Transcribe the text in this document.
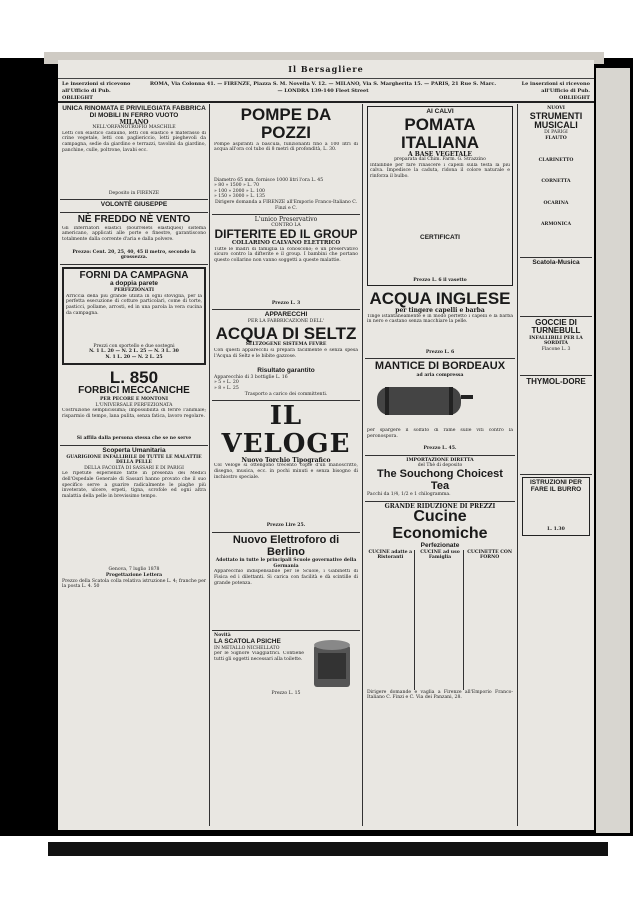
Il Bersagliere
Le inserzioni si ricevono all'Ufficio di Pub. OBLIEGHT
ROMA, Via Colonna 41. — FIRENZE, Piazza S. M. Novella V. 12. — MILANO, Via S. Margherita 15. — PARIS, 21 Rue S. Marc. — LONDRA 139-140 Fleet Street
Le inserzioni si ricevono all'Ufficio di Pub. OBLIEGHT
UNICA RINOMATA E PRIVILEGIATA FABBRICA DI MOBILI IN FERRO VUOTO
MILANO
NELL'ORFANOTROFIO MASCHILE
Letti con elastico cadauno, letti con elastico e materasso di crine vegetale, letti con pagliericcio, letti pieghevoli da campagna, sedie da giardino e terrazzi, tavolini da giardino, panchine, culle, poltrone, lavabi ecc.
Deposito in FIRENZE
VOLONTÈ GIUSEPPE
NÈ FREDDO NÈ VENTO
Gli inferriatori elastici (bourrelets élastiques) sistema americano, applicati alle porte e finestre, garantiscono totalmente dalla corrente d'aria e dalla polvere.
Prezzo: Cent. 20, 25, 40, 45 il metro, secondo la grossezza.
FORNI DA CAMPAGNA
a doppia parete
PERFEZIONATI
Arriccia della più grande utilità in ogni stoviglia, per la perfetta esecuzione di cotture particolari, come di torte, pasticci, pollame, arrosti, ed in una parola la vera cucina da campagna.
Prezzi con sportello e due sostegni
N. 1 L. 20 — N. 2 L. 25 — N. 3 L. 30
N. 1 L. 20 — N. 2 L. 25
L. 850
FORBICI MECCANICHE
PER PECORE E MONTONI
L'UNIVERSALE PERFEZIONATA
Costruzione semplicissima; impossibilità di ferire l'animale; risparmio di tempo, lana pulita, senza fatica, lavoro regolare.
Si affila dalla persona stessa che se ne serve
Scoperta Umanitaria
GUARIGIONE INFALLIBILE DI TUTTE LE MALATTIE DELLA PELLE
DELLA FACOLTÀ DI SASSARI E DI PARIGI
Le ripetute esperienze fatte in presenza dei Medici dell'Ospedale Generale di Sassari hanno provato che il suo specifico serve a guarire radicalmente le piaghe più inveterate, ulcere, erpeti, tigna, scrofole ed ogni altra malattia della pelle in brevissimo tempo.
Genova, 7 luglio 1878
Progettazione Lettera
Prezzo della Scatola colla relativa istruzione L. 4; franche per la posta L. 4. 50
POMPE DA POZZI
Pompe aspiranti a bascula, funzionanti fino a 100 litri di acqua all'ora col tubo di 8 metri di profondità, L. 30.
Diametro 65 mm. fornisce 1000 litri l'ora L. 45
» 80 » 1500 » L. 70
» 100 » 2000 » L. 100
» 150 » 3000 » L. 135
Dirigere domanda a FIRENZE all'Emporio Franco-Italiano C. Finzi e C.
L'unico Preservativo
CONTRO LA
DIFTERITE ED IL GROUP
COLLARINO CALVANO ELETTRICO
Tutte le madri di famiglia la conoscono; è un preservativo sicuro contro la difterite e il group. I bambini che portano questo collarino non vanno soggetti a queste malattie.
Prezzo L. 3
APPARECCHI
PER LA FABBRICAZIONE DELL'
ACQUA DI SELTZ
SELTZOGENE SISTEMA FEVRE
Con questi apparecchi si prepara facilmente e senza spesa l'Acqua di Seltz e le bibite gazzose.
Risultato garantito
Apparecchio di 3 bottiglie L. 16
» 5 » L. 20
» 8 » L. 25
Trasporto a carico dei committenti.
IL VELOGE
Nuovo Torchio Tipografico
Col Veloge si ottengono trecento copie d'un manoscritto, disegno, musica, ecc. in pochi minuti e senza bisogno di inchiostro speciale.
Prezzo Lire 25.
Nuovo Elettroforo di Berlino
Adottato in tutte le principali Scuole governative della Germania
Apparecchio indispensabile per le Scuole, i Gabinetti di Fisica ed i dilettanti. Si carica con facilità e dà scintille di grande potenza.
Novità
LA SCATOLA PSICHE
IN METALLO NICHELLATO
per le Signore Viaggiatrici. Contiene tutti gli oggetti necessari alla toilette.
Prezzo L. 15
AI CALVI
POMATA ITALIANA
A BASE VEGETALE
preparata dal Chim. Farm. G. Strazzino
Infallibile per fare rinascere i capelli sulla testa la più calva. Impedisce la caduta, ridona il colore naturale e rinforza il bulbo.
CERTIFICATI
Prezzo L. 6 il vasetto
ACQUA INGLESE
per tingere capelli e barba
Tinge istantaneamente e in modo perfetto i capelli e la barba in nero e castano senza macchiare la pelle.
Prezzo L. 6
MANTICE DI BORDEAUX
ad aria compressa
per spargere il solfato di rame sulle viti contro la peronospora.
Prezzo L. 45.
IMPORTAZIONE DIRETTA
del Thè di deposito
The Souchong Choicest Tea
Pacchi da 1/4, 1/2 e 1 chilogramma.
GRANDE RIDUZIONE DI PREZZI
Cucine Economiche
Perfezionate
CUCINE adatte a Ristoranti
CUCINE ad uso Famiglia
CUCINETTE CON FORNO
Dirigere domande e vaglia a Firenze all'Emporio Franco-Italiano C. Finzi e C. Via dei Panzani, 28.
NUOVI
STRUMENTI MUSICALI
DI PARIGI
FLAUTO
CLARINETTO
CORNETTA
OCARINA
ARMONICA
Scatola-Musica
GOCCIE DI TURNEBULL
INFALLIBILI PER LA SORDITÀ
Flacone L. 3
THYMOL-DORE
ISTRUZIONI PER FARE IL BURRO
L. 1.30
